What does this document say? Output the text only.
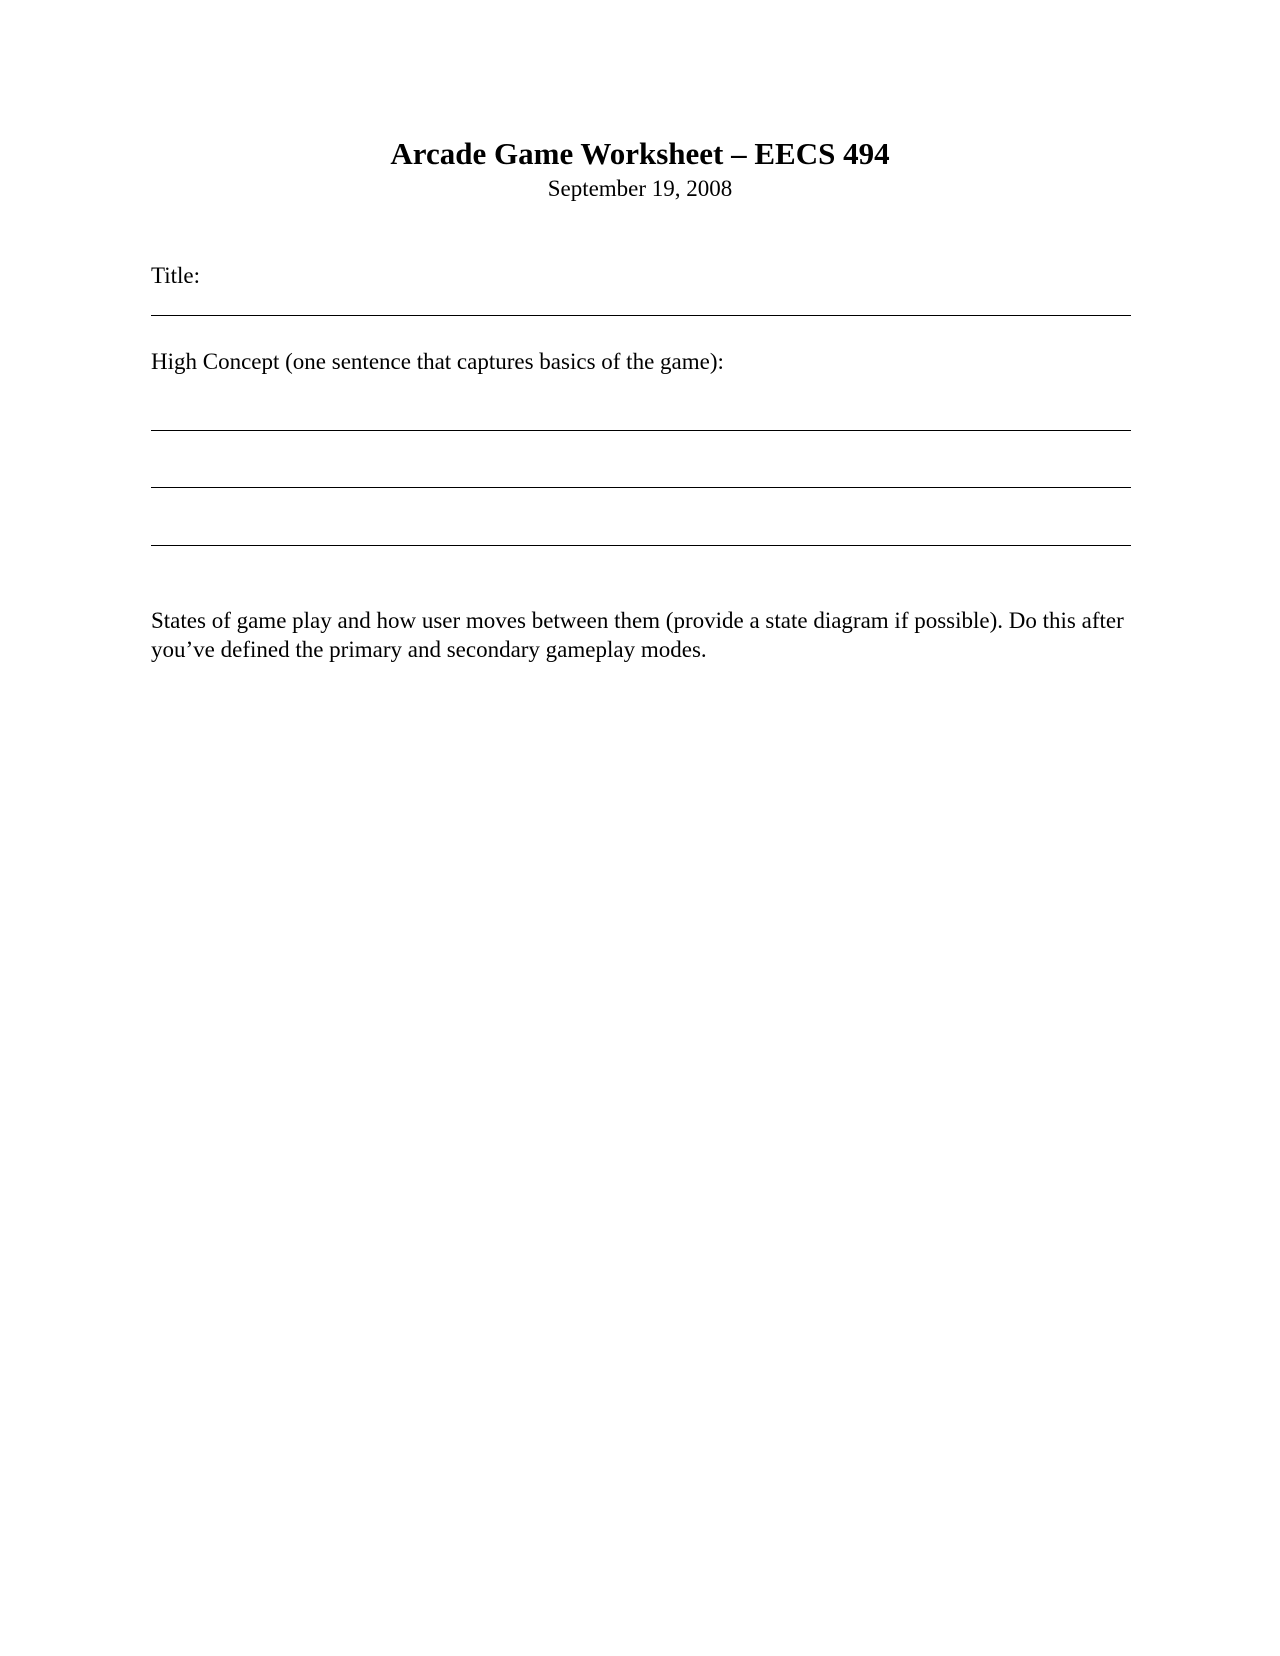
Arcade Game Worksheet – EECS 494
September 19, 2008
Title:
High Concept (one sentence that captures basics of the game):
States of game play and how user moves between them (provide a state diagram if possible). Do this after you’ve defined the primary and secondary gameplay modes.
